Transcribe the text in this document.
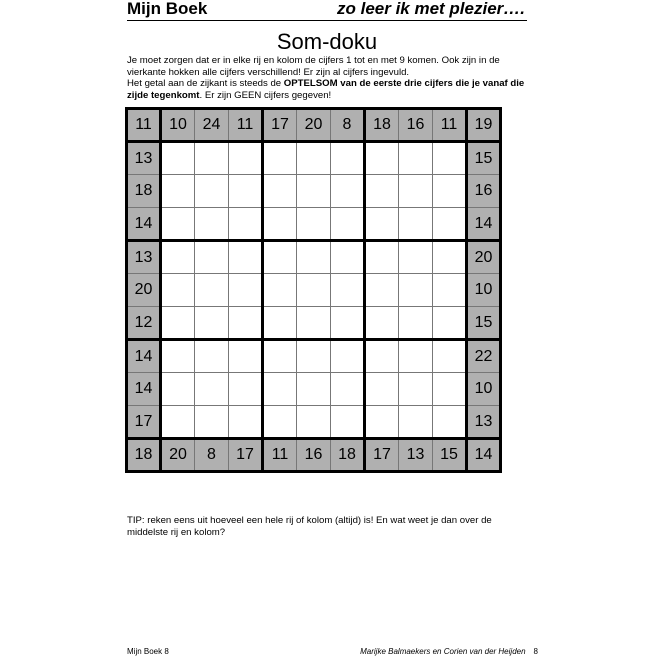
Mijn Boek	zo leer ik met plezier….
Som-doku
Je moet zorgen dat er in elke rij en kolom de cijfers 1 tot en met 9 komen. Ook zijn in de vierkante hokken alle cijfers verschillend! Er zijn al cijfers ingevuld.
Het getal aan de zijkant is steeds de OPTELSOM van de eerste drie cijfers die je vanaf die zijde tegenkomt. Er zijn GEEN cijfers gegeven!
11	10	24	11	17	20	8	18	16	11	19
13										15
18										16
14										14
13										20
20										10
12										15
14										22
14										10
17										13
18	20	8	17	11	16	18	17	13	15	14
TIP: reken eens uit hoeveel een hele rij of kolom (altijd) is! En wat weet je dan over de middelste rij en kolom?
Mijn Boek 8	Marijke Balmaekers en Corien van der Heijden 8
